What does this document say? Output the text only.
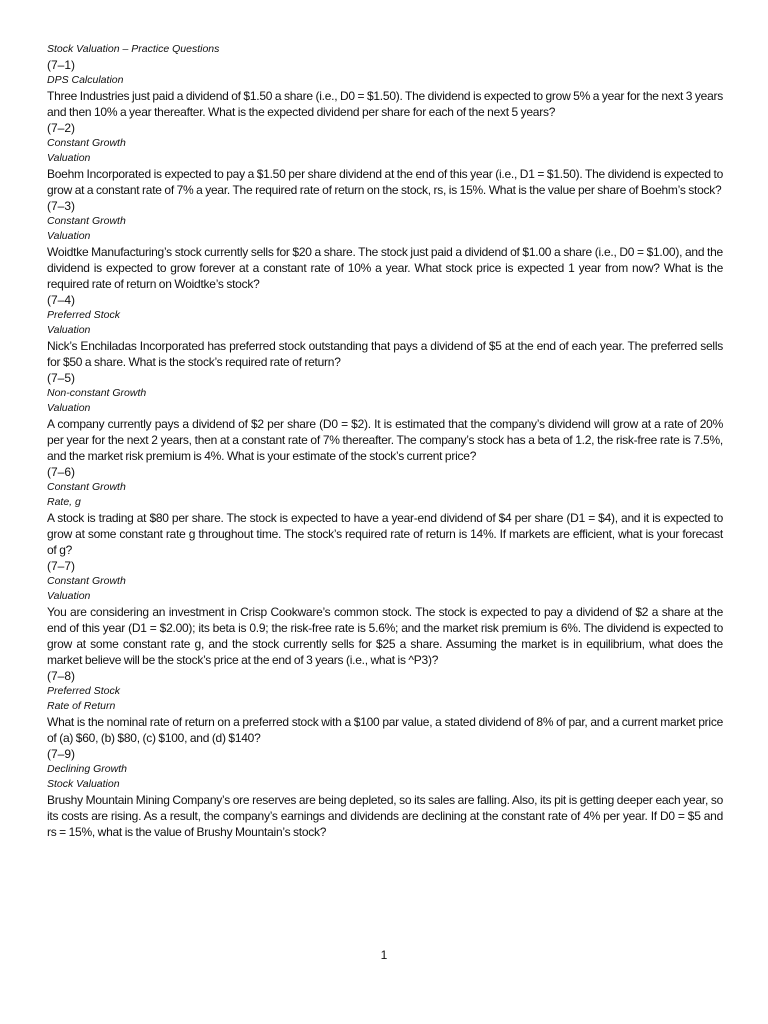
Stock Valuation – Practice Questions
(7–1)
DPS Calculation
Three Industries just paid a dividend of $1.50 a share (i.e., D0 = $1.50). The dividend is expected to grow 5% a year for the next 3 years and then 10% a year thereafter. What is the expected dividend per share for each of the next 5 years?
(7–2)
Constant Growth
Valuation
Boehm Incorporated is expected to pay a $1.50 per share dividend at the end of this year (i.e., D1 = $1.50). The dividend is expected to grow at a constant rate of 7% a year. The required rate of return on the stock, rs, is 15%. What is the value per share of Boehm’s stock?
(7–3)
Constant Growth
Valuation
Woidtke Manufacturing’s stock currently sells for $20 a share. The stock just paid a dividend of $1.00 a share (i.e., D0 = $1.00), and the dividend is expected to grow forever at a constant rate of 10% a year. What stock price is expected 1 year from now? What is the required rate of return on Woidtke’s stock?
(7–4)
Preferred Stock
Valuation
Nick’s Enchiladas Incorporated has preferred stock outstanding that pays a dividend of $5 at the end of each year. The preferred sells for $50 a share. What is the stock’s required rate of return?
(7–5)
Non-constant Growth
Valuation
A company currently pays a dividend of $2 per share (D0 = $2). It is estimated that the company’s dividend will grow at a rate of 20% per year for the next 2 years, then at a constant rate of 7% thereafter. The company’s stock has a beta of 1.2, the risk-free rate is 7.5%, and the market risk premium is 4%. What is your estimate of the stock’s current price?
(7–6)
Constant Growth
Rate, g
A stock is trading at $80 per share. The stock is expected to have a year-end dividend of $4 per share (D1 = $4), and it is expected to grow at some constant rate g throughout time. The stock’s required rate of return is 14%. If markets are efficient, what is your forecast of g?
(7–7)
Constant Growth
Valuation
You are considering an investment in Crisp Cookware’s common stock. The stock is expected to pay a dividend of $2 a share at the end of this year (D1 = $2.00); its beta is 0.9; the risk-free rate is 5.6%; and the market risk premium is 6%. The dividend is expected to grow at some constant rate g, and the stock currently sells for $25 a share. Assuming the market is in equilibrium, what does the market believe will be the stock’s price at the end of 3 years (i.e., what is ^P3)?
(7–8)
Preferred Stock
Rate of Return
What is the nominal rate of return on a preferred stock with a $100 par value, a stated dividend of 8% of par, and a current market price of (a) $60, (b) $80, (c) $100, and (d) $140?
(7–9)
Declining Growth
Stock Valuation
Brushy Mountain Mining Company’s ore reserves are being depleted, so its sales are falling. Also, its pit is getting deeper each year, so its costs are rising. As a result, the company’s earnings and dividends are declining at the constant rate of 4% per year. If D0 = $5 and rs = 15%, what is the value of Brushy Mountain’s stock?
1
